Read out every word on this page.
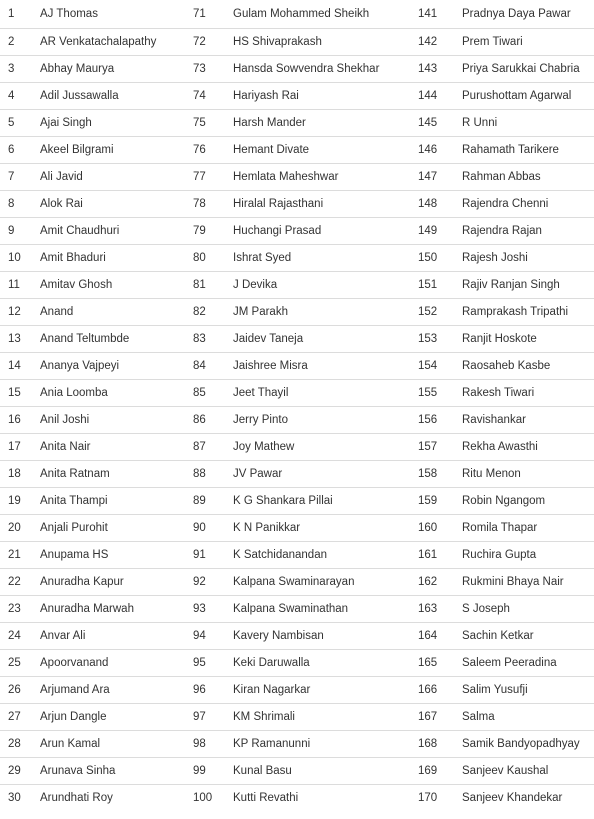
1	AJ Thomas	71	Gulam Mohammed Sheikh	141	Pradnya Daya Pawar
2	AR Venkatachalapathy	72	HS Shivaprakash	142	Prem Tiwari
3	Abhay Maurya	73	Hansda Sowvendra Shekhar	143	Priya Sarukkai Chabria
4	Adil Jussawalla	74	Hariyash Rai	144	Purushottam Agarwal
5	Ajai Singh	75	Harsh Mander	145	R Unni
6	Akeel Bilgrami	76	Hemant Divate	146	Rahamath Tarikere
7	Ali Javid	77	Hemlata Maheshwar	147	Rahman Abbas
8	Alok Rai	78	Hiralal Rajasthani	148	Rajendra Chenni
9	Amit Chaudhuri	79	Huchangi Prasad	149	Rajendra Rajan
10	Amit Bhaduri	80	Ishrat Syed	150	Rajesh Joshi
11	Amitav Ghosh	81	J Devika	151	Rajiv Ranjan Singh
12	Anand	82	JM Parakh	152	Ramprakash Tripathi
13	Anand Teltumbde	83	Jaidev Taneja	153	Ranjit Hoskote
14	Ananya Vajpeyi	84	Jaishree Misra	154	Raosaheb Kasbe
15	Ania Loomba	85	Jeet Thayil	155	Rakesh Tiwari
16	Anil Joshi	86	Jerry Pinto	156	Ravishankar
17	Anita Nair	87	Joy Mathew	157	Rekha Awasthi
18	Anita Ratnam	88	JV Pawar	158	Ritu Menon
19	Anita Thampi	89	K G Shankara Pillai	159	Robin Ngangom
20	Anjali Purohit	90	K N Panikkar	160	Romila Thapar
21	Anupama HS	91	K Satchidanandan	161	Ruchira Gupta
22	Anuradha Kapur	92	Kalpana Swaminarayan	162	Rukmini Bhaya Nair
23	Anuradha Marwah	93	Kalpana Swaminathan	163	S Joseph
24	Anvar Ali	94	Kavery Nambisan	164	Sachin Ketkar
25	Apoorvanand	95	Keki Daruwalla	165	Saleem Peeradina
26	Arjumand Ara	96	Kiran Nagarkar	166	Salim Yusufji
27	Arjun Dangle	97	KM Shrimali	167	Salma
28	Arun Kamal	98	KP Ramanunni	168	Samik Bandyopadhyay
29	Arunava Sinha	99	Kunal Basu	169	Sanjeev Kaushal
30	Arundhati Roy	100	Kutti Revathi	170	Sanjeev Khandekar
